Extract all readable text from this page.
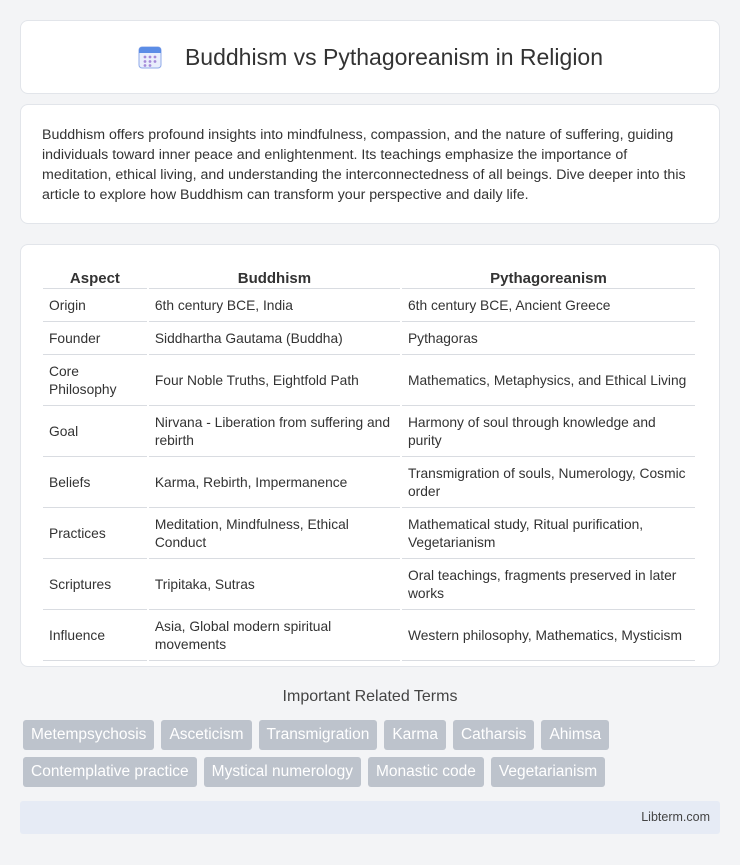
Buddhism vs Pythagoreanism in Religion

Buddhism offers profound insights into mindfulness, compassion, and the nature of suffering, guiding individuals toward inner peace and enlightenment. Its teachings emphasize the importance of meditation, ethical living, and understanding the interconnectedness of all beings. Dive deeper into this article to explore how Buddhism can transform your perspective and daily life.

Aspect	Buddhism	Pythagoreanism
Origin	6th century BCE, India	6th century BCE, Ancient Greece
Founder	Siddhartha Gautama (Buddha)	Pythagoras
Core Philosophy	Four Noble Truths, Eightfold Path	Mathematics, Metaphysics, and Ethical Living
Goal	Nirvana - Liberation from suffering and rebirth	Harmony of soul through knowledge and purity
Beliefs	Karma, Rebirth, Impermanence	Transmigration of souls, Numerology, Cosmic order
Practices	Meditation, Mindfulness, Ethical Conduct	Mathematical study, Ritual purification, Vegetarianism
Scriptures	Tripitaka, Sutras	Oral teachings, fragments preserved in later works
Influence	Asia, Global modern spiritual movements	Western philosophy, Mathematics, Mysticism
Important Related Terms
Metempsychosis	Asceticism	Transmigration	Karma	Catharsis	Ahimsa
Contemplative practice	Mystical numerology	Monastic code	Vegetarianism
Libterm.com
